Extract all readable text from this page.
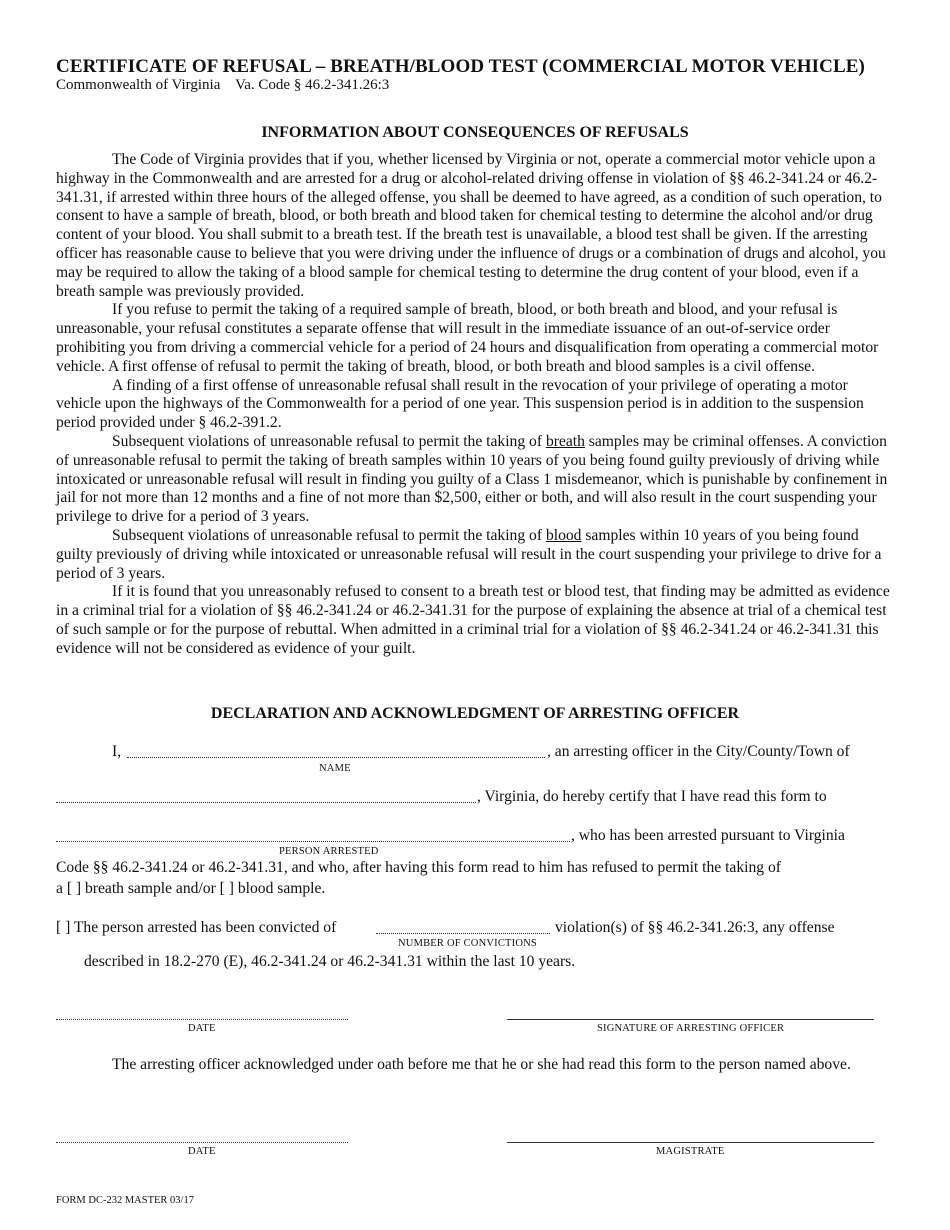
CERTIFICATE OF REFUSAL – BREATH/BLOOD TEST (COMMERCIAL MOTOR VEHICLE)
Commonwealth of Virginia    Va. Code § 46.2-341.26:3
INFORMATION ABOUT CONSEQUENCES OF REFUSALS

The Code of Virginia provides that if you, whether licensed by Virginia or not, operate a commercial motor vehicle upon a highway in the Commonwealth and are arrested for a drug or alcohol-related driving offense in violation of §§ 46.2-341.24 or 46.2-341.31, if arrested within three hours of the alleged offense, you shall be deemed to have agreed, as a condition of such operation, to consent to have a sample of breath, blood, or both breath and blood taken for chemical testing to determine the alcohol and/or drug content of your blood. You shall submit to a breath test. If the breath test is unavailable, a blood test shall be given. If the arresting officer has reasonable cause to believe that you were driving under the influence of drugs or a combination of drugs and alcohol, you may be required to allow the taking of a blood sample for chemical testing to determine the drug content of your blood, even if a breath sample was previously provided.

If you refuse to permit the taking of a required sample of breath, blood, or both breath and blood, and your refusal is unreasonable, your refusal constitutes a separate offense that will result in the immediate issuance of an out-of-service order prohibiting you from driving a commercial vehicle for a period of 24 hours and disqualification from operating a commercial motor vehicle. A first offense of refusal to permit the taking of breath, blood, or both breath and blood samples is a civil offense.

A finding of a first offense of unreasonable refusal shall result in the revocation of your privilege of operating a motor vehicle upon the highways of the Commonwealth for a period of one year. This suspension period is in addition to the suspension period provided under § 46.2-391.2.

Subsequent violations of unreasonable refusal to permit the taking of breath samples may be criminal offenses. A conviction of unreasonable refusal to permit the taking of breath samples within 10 years of you being found guilty previously of driving while intoxicated or unreasonable refusal will result in finding you guilty of a Class 1 misdemeanor, which is punishable by confinement in jail for not more than 12 months and a fine of not more than $2,500, either or both, and will also result in the court suspending your privilege to drive for a period of 3 years.

Subsequent violations of unreasonable refusal to permit the taking of blood samples within 10 years of you being found guilty previously of driving while intoxicated or unreasonable refusal will result in the court suspending your privilege to drive for a period of 3 years.

If it is found that you unreasonably refused to consent to a breath test or blood test, that finding may be admitted as evidence in a criminal trial for a violation of §§ 46.2-341.24 or 46.2-341.31 for the purpose of explaining the absence at trial of a chemical test of such sample or for the purpose of rebuttal. When admitted in a criminal trial for a violation of §§ 46.2-341.24 or 46.2-341.31 this evidence will not be considered as evidence of your guilt.

DECLARATION AND ACKNOWLEDGMENT OF ARRESTING OFFICER
I,	, an arresting officer in the City/County/Town of
NAME
, Virginia, do hereby certify that I have read this form to
, who has been arrested pursuant to Virginia
PERSON ARRESTED
Code §§ 46.2-341.24 or 46.2-341.31, and who, after having this form read to him has refused to permit the taking of
a [ ] breath sample and/or [ ] blood sample.
[ ] The person arrested has been convicted of	violation(s) of §§ 46.2-341.26:3, any offense
NUMBER OF CONVICTIONS
described in 18.2-270 (E), 46.2-341.24 or 46.2-341.31 within the last 10 years.
DATE	SIGNATURE OF ARRESTING OFFICER
The arresting officer acknowledged under oath before me that he or she had read this form to the person named above.
DATE	MAGISTRATE
FORM DC-232 MASTER 03/17
